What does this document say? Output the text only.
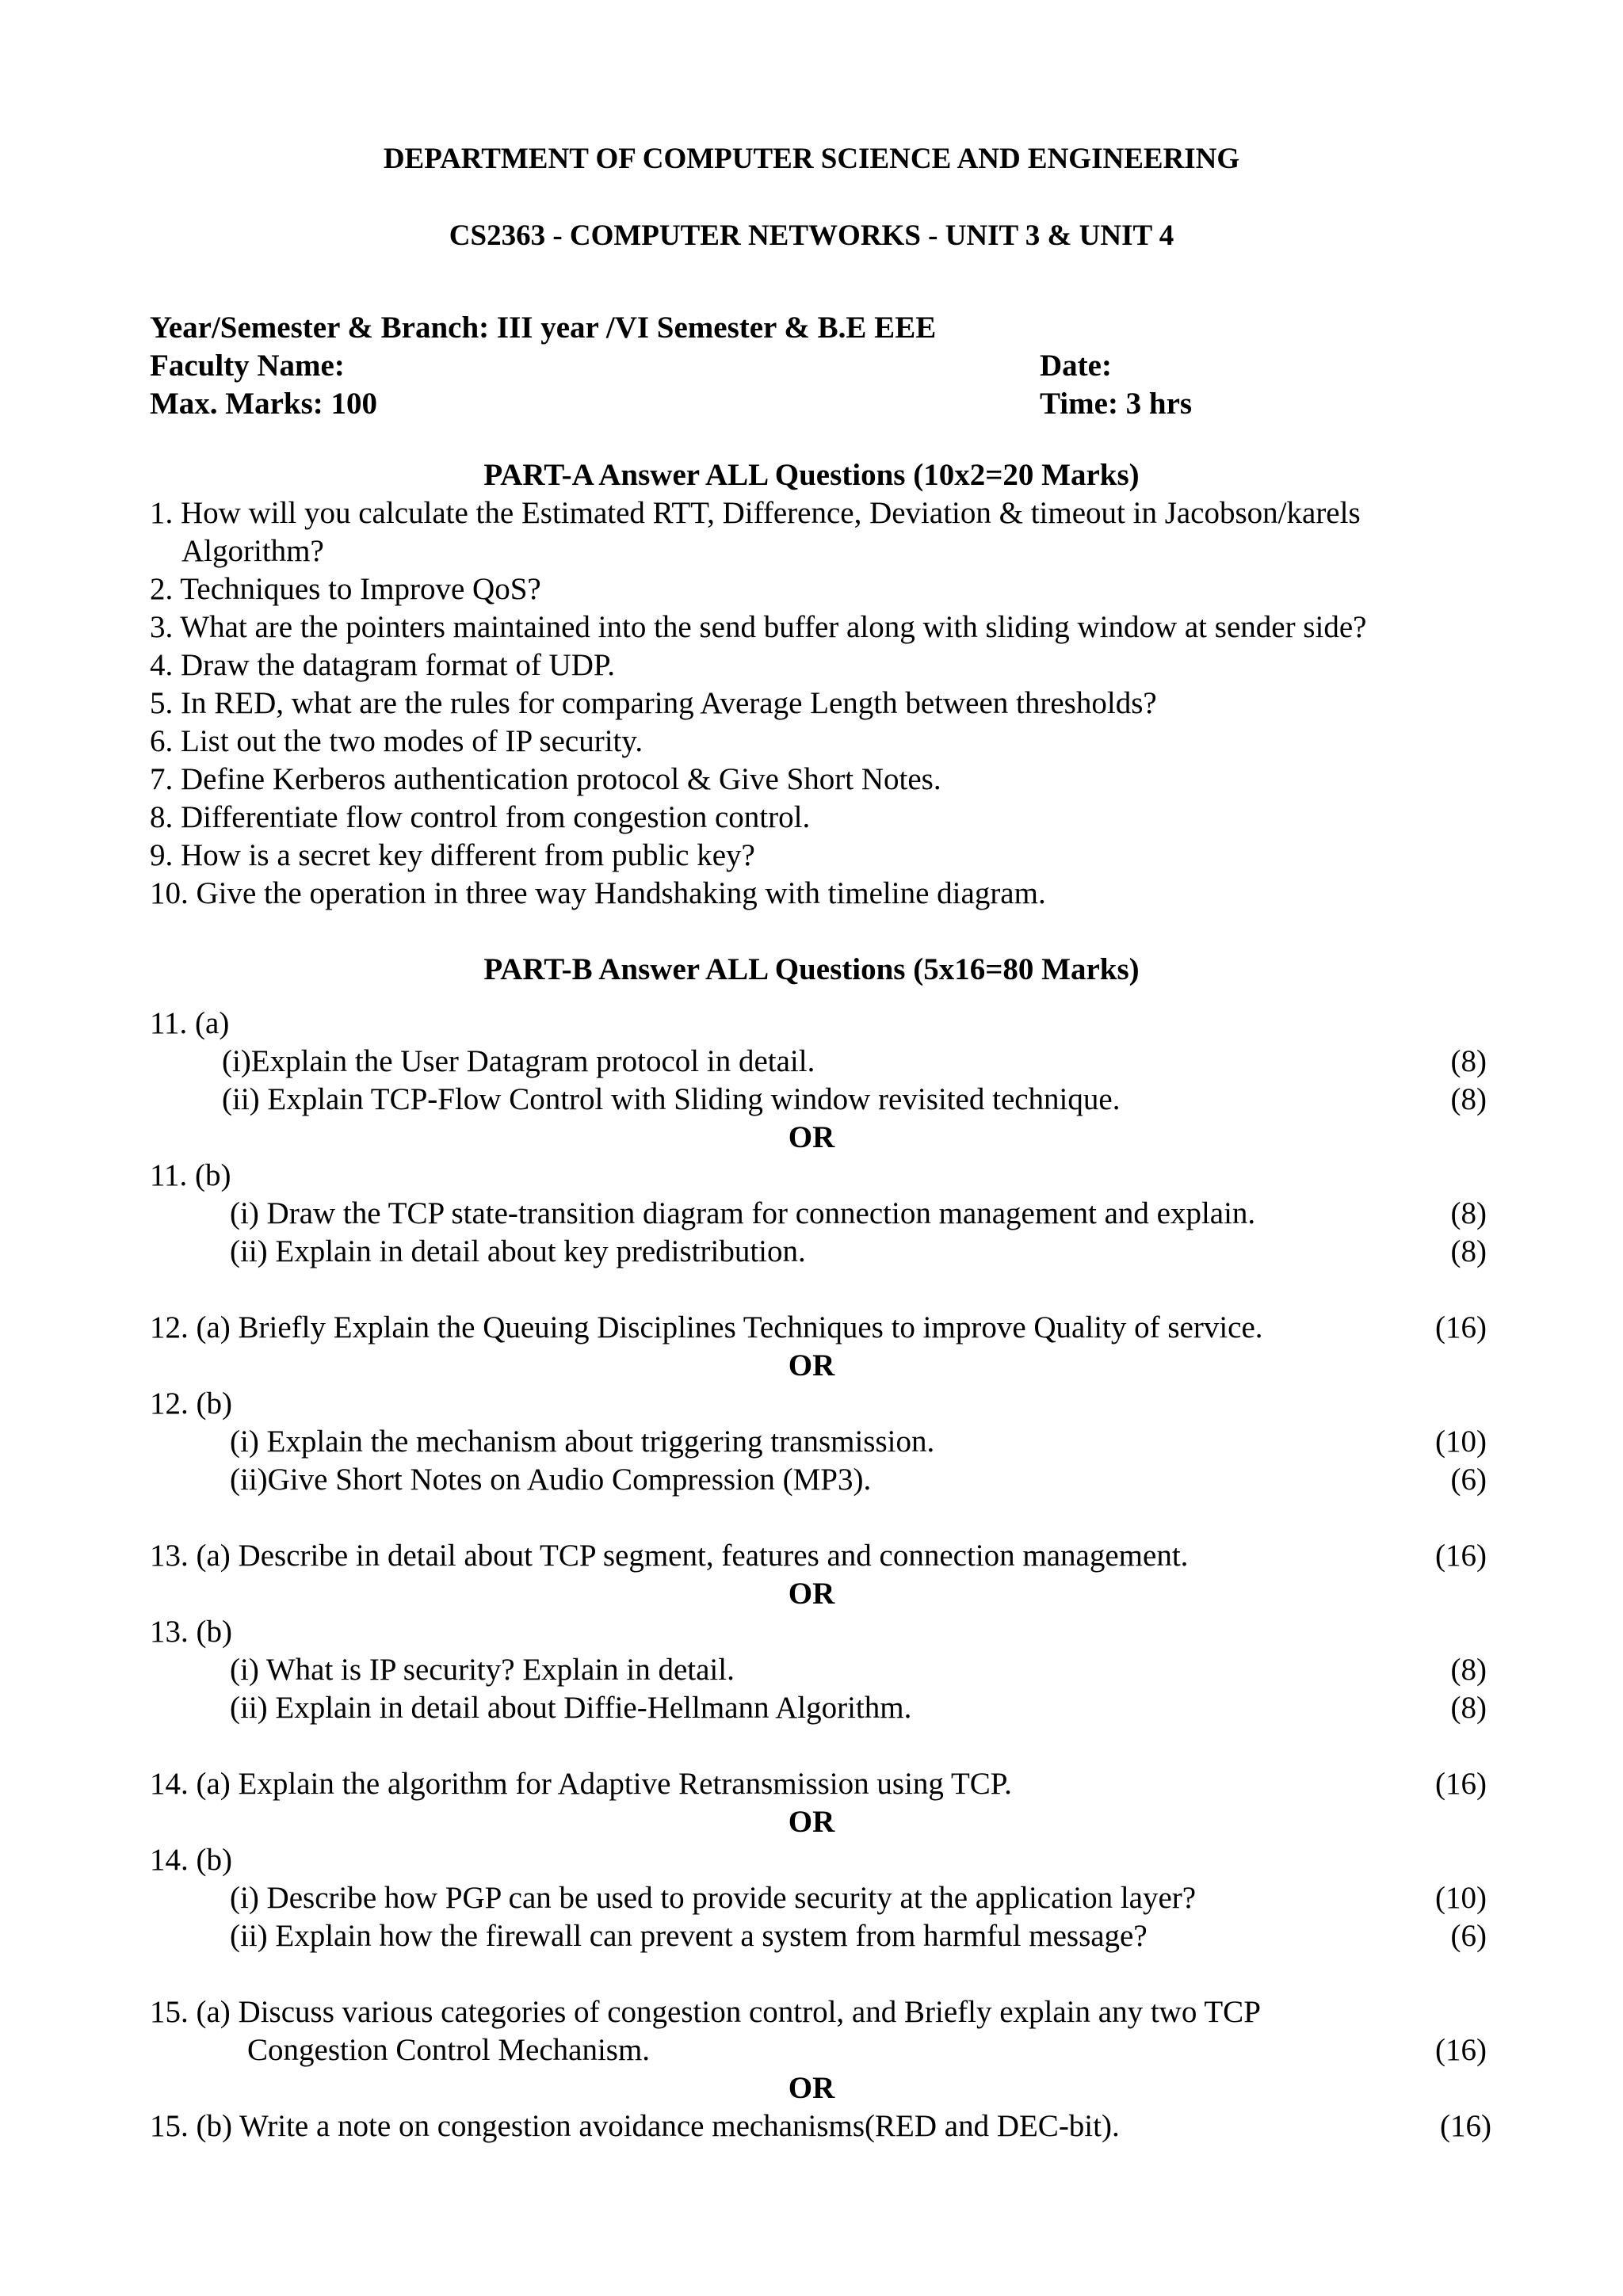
DEPARTMENT OF COMPUTER SCIENCE AND ENGINEERING
CS2363 - COMPUTER NETWORKS - UNIT 3 & UNIT 4
Year/Semester & Branch: III year /VI Semester & B.E EEE
Faculty Name:	Date:
Max. Marks: 100	Time: 3 hrs
PART-A Answer ALL Questions (10x2=20 Marks)
1. How will you calculate the Estimated RTT, Difference, Deviation & timeout in Jacobson/karels
Algorithm?
2. Techniques to Improve QoS?
3. What are the pointers maintained into the send buffer along with sliding window at sender side?
4. Draw the datagram format of UDP.
5. In RED, what are the rules for comparing Average Length between thresholds?
6. List out the two modes of IP security.
7. Define Kerberos authentication protocol & Give Short Notes.
8. Differentiate flow control from congestion control.
9. How is a secret key different from public key?
10. Give the operation in three way Handshaking with timeline diagram.
PART-B Answer ALL Questions (5x16=80 Marks)
11. (a)
(i)Explain the User Datagram protocol in detail.	(8)
(ii) Explain TCP-Flow Control with Sliding window revisited technique.	(8)
OR
11. (b)
(i) Draw the TCP state-transition diagram for connection management and explain.	(8)
(ii) Explain in detail about key predistribution.	(8)
12. (a) Briefly Explain the Queuing Disciplines Techniques to improve Quality of service.	(16)
OR
12. (b)
(i) Explain the mechanism about triggering transmission.	(10)
(ii)Give Short Notes on Audio Compression (MP3).	(6)
13. (a) Describe in detail about TCP segment, features and connection management.	(16)
OR
13. (b)
(i) What is IP security? Explain in detail.	(8)
(ii) Explain in detail about Diffie-Hellmann Algorithm.	(8)
14. (a) Explain the algorithm for Adaptive Retransmission using TCP.	(16)
OR
14. (b)
(i) Describe how PGP can be used to provide security at the application layer?	(10)
(ii) Explain how the firewall can prevent a system from harmful message?	(6)
15. (a) Discuss various categories of congestion control, and Briefly explain any two TCP
Congestion Control Mechanism.	(16)
OR
15. (b) Write a note on congestion avoidance mechanisms(RED and DEC-bit).	(16)
